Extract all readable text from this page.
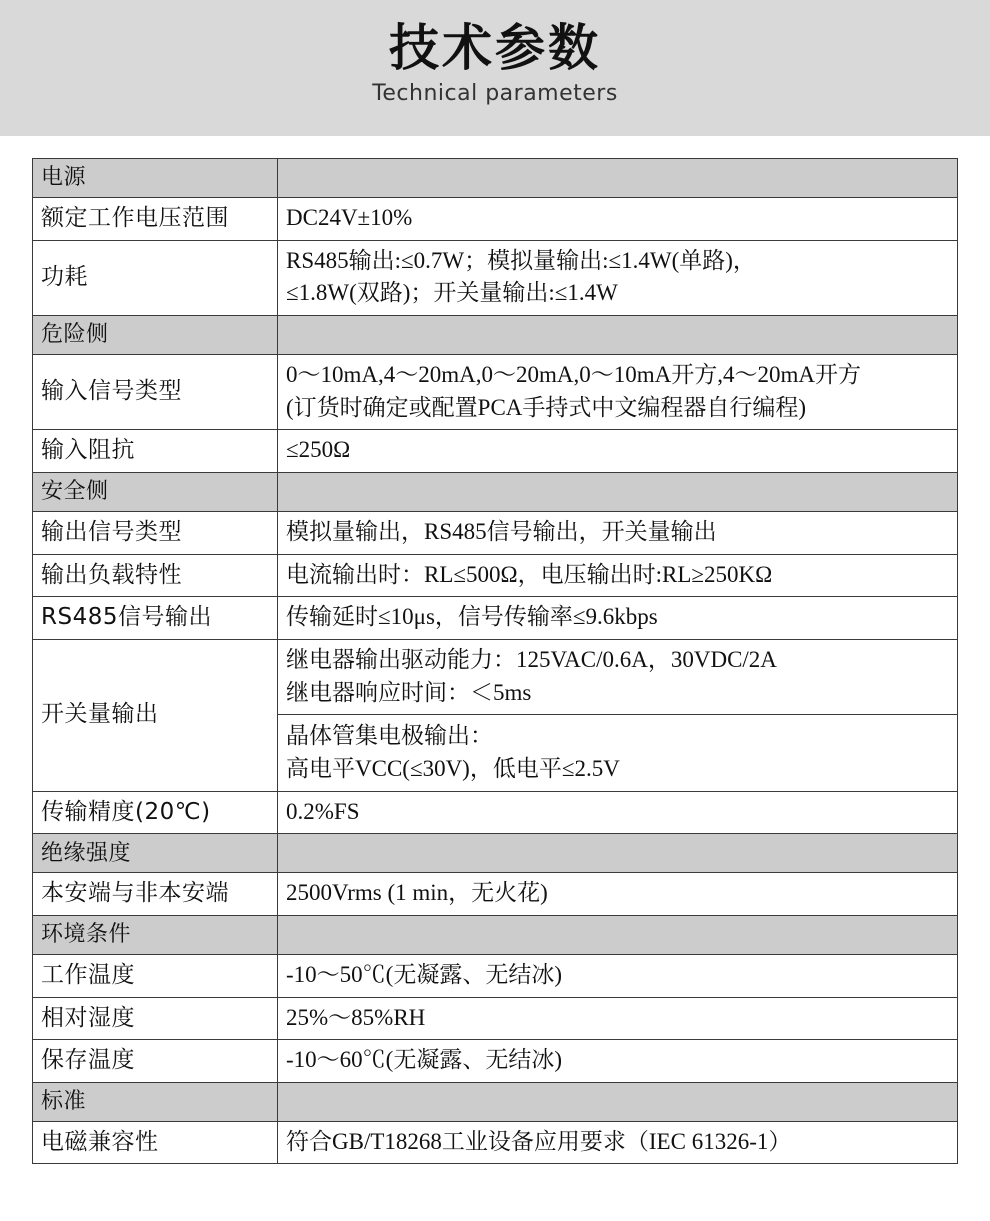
技术参数
Technical parameters
电源	
额定工作电压范围	DC24V±10%

功耗	RS485输出:≤0.7W；模拟量输出:≤1.4W(单路)，
≤1.8W(双路)；开关量输出:≤1.4W

危险侧	
输入信号类型	0～10mA,4～20mA,0～20mA,0～10mA开方,4～20mA开方
(订货时确定或配置PCA手持式中文编程器自行编程)

输入阻抗	≤250Ω

安全侧	
输出信号类型	模拟量输出，RS485信号输出，开关量输出

输出负载特性	电流输出时：RL≤500Ω，电压输出时:RL≥250KΩ

RS485信号输出	传输延时≤10μs，信号传输率≤9.6kbps

开关量输出	继电器输出驱动能力：125VAC/0.6A，30VDC/2A
继电器响应时间：＜5ms
晶体管集电极输出：
高电平VCC(≤30V)，低电平≤2.5V

传输精度(20℃)	0.2%FS

绝缘强度	
本安端与非本安端	2500Vrms (1 min，无火花)

环境条件	
工作温度	-10～50℃(无凝露、无结冰)

相对湿度	25%～85%RH

保存温度	-10～60℃(无凝露、无结冰)

标准	
电磁兼容性	符合GB/T18268工业设备应用要求（IEC 61326-1）
